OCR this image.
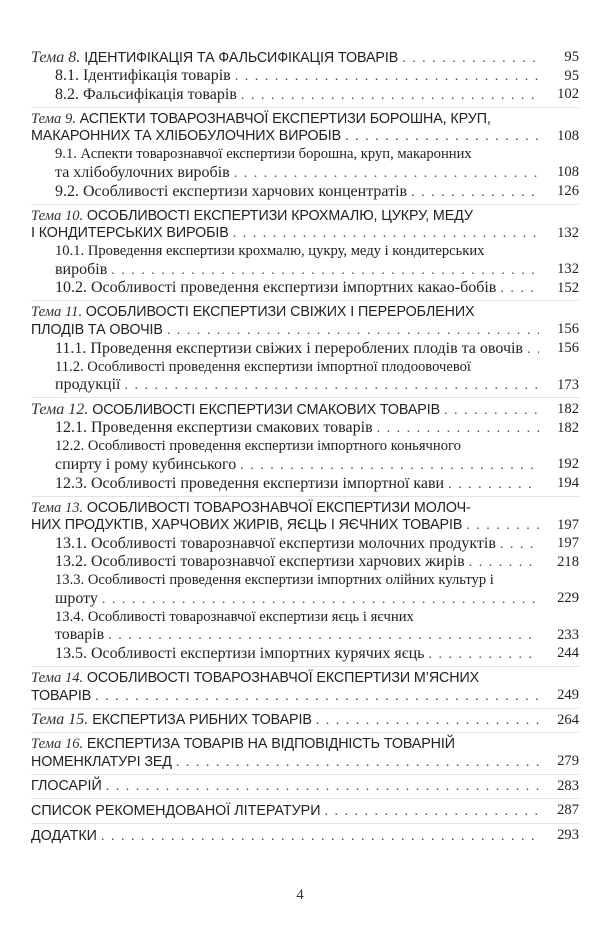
Тема 8. ІДЕНТИФІКАЦІЯ ТА ФАЛЬСИФІКАЦІЯ ТОВАРІВ . . .	95
8.1. Ідентифікація товарів . . .	95
8.2. Фальсифікація товарів . . .	102
Тема 9. АСПЕКТИ ТОВАРОЗНАВЧОЇ ЕКСПЕРТИЗИ БОРОШНА, КРУП,
МАКАРОННИХ ТА ХЛІБОБУЛОЧНИХ ВИРОБІВ . . .	108
9.1. Аспекти товарознавчої експертизи борошна, круп, макаронних
та хлібобулочних виробів . . .	108
9.2. Особливості експертизи харчових концентратів . . .	126
Тема 10. ОСОБЛИВОСТІ ЕКСПЕРТИЗИ КРОХМАЛЮ, ЦУКРУ, МЕДУ
І КОНДИТЕРСЬКИХ ВИРОБІВ . . .	132
10.1. Проведення експертизи крохмалю, цукру, меду і кондитерських
виробів . . .	132
10.2. Особливості проведення експертизи імпортних какао-бобів . . .	152
Тема 11. ОСОБЛИВОСТІ ЕКСПЕРТИЗИ СВІЖИХ І ПЕРЕРОБЛЕНИХ
ПЛОДІВ ТА ОВОЧІВ . . .	156
11.1. Проведення експертизи свіжих і перероблених плодів та овочів . . .	156
11.2. Особливості проведення експертизи імпортної плодоовочевої
продукції . . .	173
Тема 12. ОСОБЛИВОСТІ ЕКСПЕРТИЗИ СМАКОВИХ ТОВАРІВ . . .	182
12.1. Проведення експертизи смакових товарів . . .	182
12.2. Особливості проведення експертизи імпортного коньячного
спирту і рому кубинського . . .	192
12.3. Особливості проведення експертизи імпортної кави . . .	194
Тема 13. ОСОБЛИВОСТІ ТОВАРОЗНАВЧОЇ ЕКСПЕРТИЗИ МОЛОЧ-
НИХ ПРОДУКТІВ, ХАРЧОВИХ ЖИРІВ, ЯЄЦЬ І ЯЄЧНИХ ТОВАРІВ . . .	197
13.1. Особливості товарознавчої експертизи молочних продуктів . . .	197
13.2. Особливості товарознавчої експертизи харчових жирів . . .	218
13.3. Особливості проведення експертизи імпортних олійних культур і
шроту . . .	229
13.4. Особливості товарознавчої експертизи яєць і яєчних
товарів . . .	233
13.5. Особливості експертизи імпортних курячих яєць . . .	244
Тема 14. ОСОБЛИВОСТІ ТОВАРОЗНАВЧОЇ ЕКСПЕРТИЗИ М’ЯСНИХ
ТОВАРІВ . . .	249
Тема 15. ЕКСПЕРТИЗА РИБНИХ ТОВАРІВ . . .	264
Тема 16. ЕКСПЕРТИЗА ТОВАРІВ НА ВІДПОВІДНІСТЬ ТОВАРНІЙ
НОМЕНКЛАТУРІ ЗЕД . . .	279
ГЛОСАРІЙ . . .	283
СПИСОК РЕКОМЕНДОВАНОЇ ЛІТЕРАТУРИ . . .	287
ДОДАТКИ . . .	293
4
